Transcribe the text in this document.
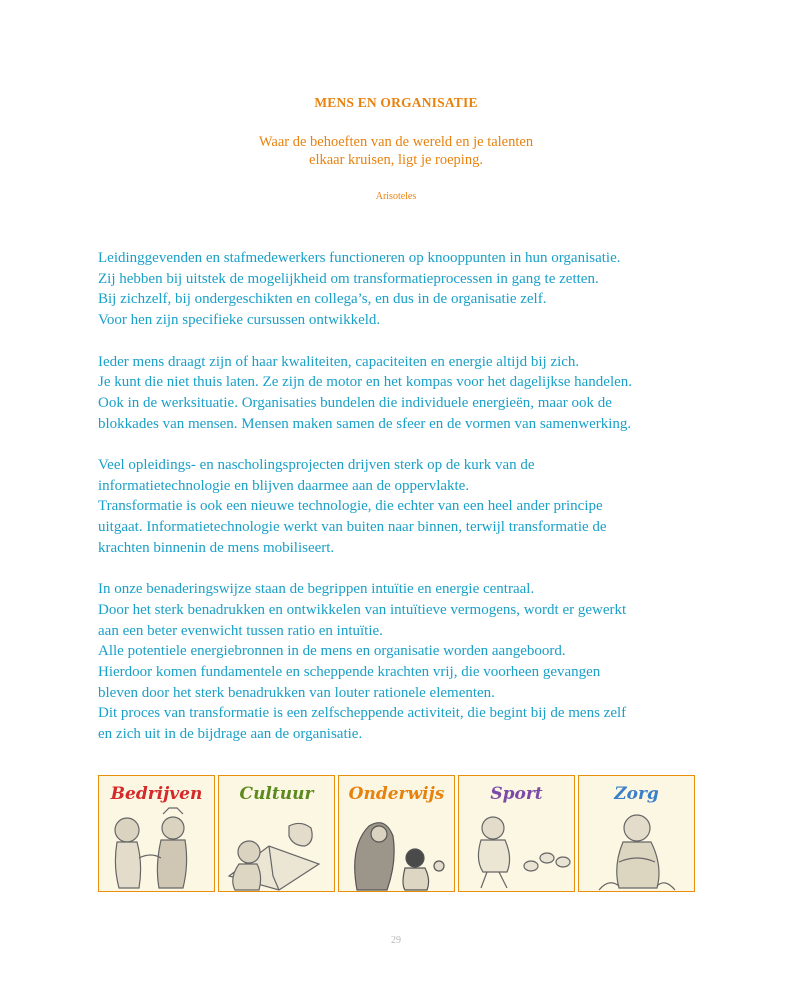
MENS EN ORGANISATIE
Waar de behoeften van de wereld en je talenten
elkaar kruisen, ligt je roeping.
Arisoteles

Leidinggevenden en stafmedewerkers functioneren op knooppunten in hun organisatie.
Zij hebben bij uitstek de mogelijkheid om transformatieprocessen in gang te zetten.
Bij zichzelf, bij ondergeschikten en collega’s, en dus in de organisatie zelf.
Voor hen zijn specifieke cursussen ontwikkeld.

Ieder mens draagt zijn of haar kwaliteiten, capaciteiten en energie altijd bij zich.
Je kunt die niet thuis laten. Ze zijn de motor en het kompas voor het dagelijkse handelen.
Ook in de werksituatie. Organisaties bundelen die individuele energieën, maar ook de
blokkades van mensen. Mensen maken samen de sfeer en de vormen van samenwerking.

Veel opleidings- en nascholingsprojecten drijven sterk op de kurk van de
informatietechnologie en blijven daarmee aan de oppervlakte.
Transformatie is ook een nieuwe technologie, die echter van een heel ander principe
uitgaat. Informatietechnologie werkt van buiten naar binnen, terwijl transformatie de
krachten binnenin de mens mobiliseert.

In onze benaderingswijze staan de begrippen intuïtie en energie centraal.
Door het sterk benadrukken en ontwikkelen van intuïtieve vermogens, wordt er gewerkt
aan een beter evenwicht tussen ratio en intuïtie.
Alle potentiele energiebronnen in de mens en organisatie worden aangeboord.
Hierdoor komen fundamentele en scheppende krachten vrij, die voorheen gevangen
bleven door het sterk benadrukken van louter rationele elementen.
Dit proces van transformatie is een zelfscheppende activiteit, die begint bij de mens zelf
en zich uit in de bijdrage aan de organisatie.

Bedrijven	Cultuur	Onderwijs	Sport	Zorg
29
